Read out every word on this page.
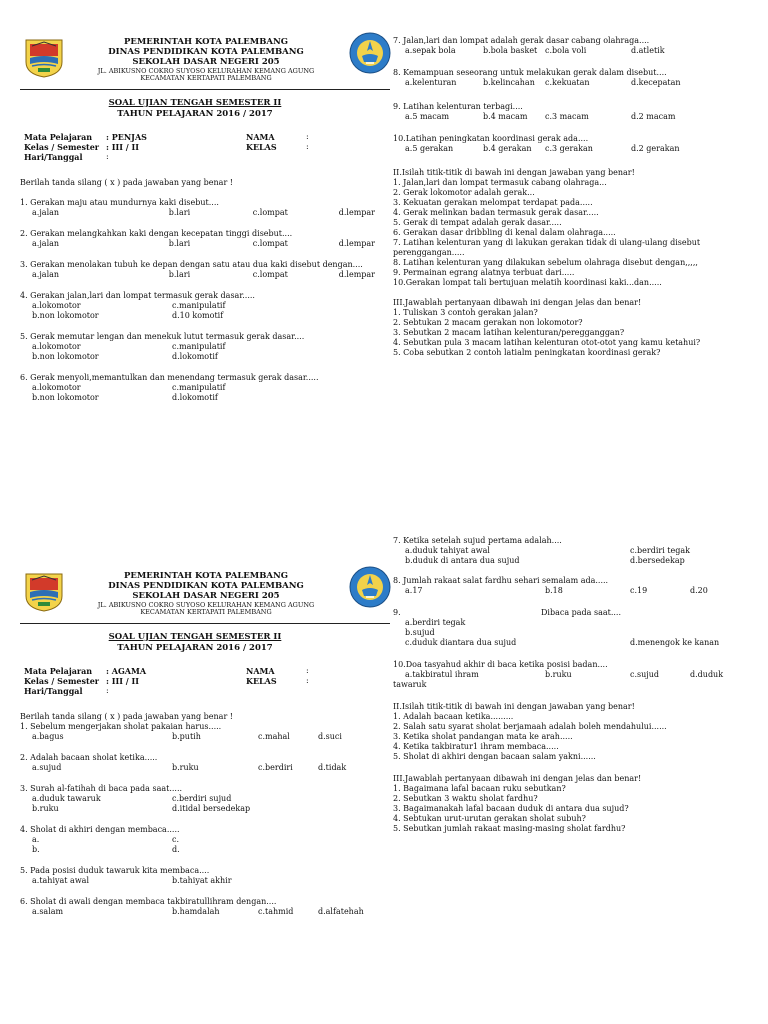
PEMERINTAH KOTA PALEMBANG
DINAS PENDIDIKAN KOTA PALEMBANG
SEKOLAH DASAR NEGERI 205
JL. ABIKUSNO COKRO SUYOSO KELURAHAN KEMANG AGUNG
KECAMATAN KERTAPATI PALEMBANG
SOAL UJIAN TENGAH SEMESTER II
TAHUN PELAJARAN 2016 / 2017
Mata Pelajaran	: PENJAS	NAMA	:
Kelas / Semester : III / II	KELAS	:
Hari/Tanggal	:
Berilah tanda silang ( x ) pada jawaban yang benar !
1. Gerakan maju atau mundurnya kaki disebut....
a.jalan	b.lari	c.lompat	d.lempar
2. Gerakan melangkahkan kaki dengan kecepatan tinggi disebut....
a.jalan	b.lari	c.lompat	d.lempar
3. Gerakan menolakan tubuh ke depan dengan satu atau dua kaki disebut dengan....
a.jalan	b.lari	c.lompat	d.lempar
4. Gerakan jalan,lari dan lompat termasuk gerak dasar.....
a.lokomotor	c.manipulatif
b.non lokomotor	d.10 komotif
5. Gerak memutar lengan dan menekuk lutut termasuk gerak dasar....
a.lokomotor	c.manipulatif
b.non lokomotor	d.lokomotif
6. Gerak menyoli,memantulkan dan menendang termasuk gerak dasar.....
a.lokomotor	c.manipulatif
b.non lokomotor	d.lokomotif
7. Jalan,lari dan lompat adalah gerak dasar cabang olahraga....
a.sepak bola	b.bola basket c.bola voli	d.atletik
8. Kemampuan seseorang untuk melakukan gerak dalam disebut....
a.kelenturan	b.kelincahan	c.kekuatan	d.kecepatan
9. Latihan kelenturan terbagi....
a.5 macam	b.4 macam	c.3 macam	d.2 macam
10.Latihan peningkatan koordinasi gerak ada....
a.5 gerakan	b.4 gerakan	c.3 gerakan	d.2 gerakan
II.Isilah titik-titik di bawah ini dengan jawaban yang benar!
1. Jalan,lari dan lompat termasuk cabang olahraga...
2. Gerak lokomotor adalah gerak...
3. Kekuatan gerakan melompat terdapat pada.....
4. Gerak melinkan badan termasuk gerak dasar.....
5. Gerak di tempat adalah gerak dasar.....
6. Gerakan dasar dribbling di kenal dalam olahraga.....
7. Latihan kelenturan yang di lakukan gerakan tidak di ulang-ulang disebut
perenggangan.....
8. Latihan kelenturan yang dilakukan sebelum olahraga disebut dengan,,,,,
9. Permainan egrang alatnya terbuat dari.....
10.Gerakan lompat tali bertujuan melatih koordinasi kaki...dan.....
III.Jawablah pertanyaan dibawah ini dengan jelas dan benar!
1. Tuliskan 3 contoh gerakan jalan?
2. Sebtukan 2 macam gerakan non lokomotor?
3. Sebutkan 2 macam latihan kelenturan/peregganggan?
4. Sebutkan pula 3 macam latihan kelenturan otot-otot yang kamu ketahui?
5. Coba sebutkan 2 contoh latialm peningkatan koordinasi gerak?
PEMERINTAH KOTA PALEMBANG
DINAS PENDIDIKAN KOTA PALEMBANG
SEKOLAH DASAR NEGERI 205
JL. ABIKUSNO COKRO SUYOSO KELURAHAN KEMANG AGUNG
KECAMATAN KERTAPATI PALEMBANG
SOAL UJIAN TENGAH SEMESTER II
TAHUN PELAJARAN 2016 / 2017
Mata Pelajaran	: AGAMA	NAMA	:
Kelas / Semester : III / II	KELAS	:
Hari/Tanggal	:
Berilah tanda silang ( x ) pada jawaban yang benar !
1. Sebelum mengerjakan sholat pakaian harus.....
a.bagus	b.putih	c.mahal	d.suci
2. Adalah bacaan sholat ketika.....
a.sujud	b.ruku	c.berdiri	d.tidak
3. Surah al-fatihah di baca pada saat.....
a.duduk tawaruk	c.berdiri sujud
b.ruku	d.itidal bersedekap
4. Sholat di akhiri dengan membaca.....
a.	c.
b.	d.
5. Pada posisi duduk tawaruk kita membaca....
a.tahiyat awal	b.tahiyat akhir
6. Sholat di awali dengan membaca takbiratullihram dengan....
a.salam	b.hamdalah	c.tahmid	d.alfatehah
7. Ketika setelah sujud pertama adalah....
a.duduk tahiyat awal	c.berdiri tegak
b.duduk di antara dua sujud	d.bersedekap
8. Jumlah rakaat salat fardhu sehari semalam ada.....
a.17	b.18	c.19	d.20
9.	Dibaca pada saat....
a.berdiri tegak
b.sujud
c.duduk diantara dua sujud	d.menengok ke kanan
10.Doa tasyahud akhir di baca ketika posisi badan....
a.takbiratul ihram	b.ruku	c.sujud	d.duduk
tawaruk
II.Isilah titik-titik di bawah ini dengan jawaban yang benar!
1. Adalah bacaan ketika.........
2. Salah satu syarat sholat berjamaah adalah boleh mendahului......
3. Ketika sholat pandangan mata ke arah.....
4. Ketika takbiratur1 ihram membaca.....
5. Sholat di akhiri dengan bacaan salam yakni......
III.Jawablah pertanyaan dibawah ini dengan jelas dan benar!
1. Bagaimana lafal bacaan ruku sebutkan?
2. Sebutkan 3 waktu sholat fardhu?
3. Bagaimanakah lafal bacaan duduk di antara dua sujud?
4. Sebtukan urut-urutan gerakan sholat subuh?
5. Sebutkan jumlah rakaat masing-masing sholat fardhu?
